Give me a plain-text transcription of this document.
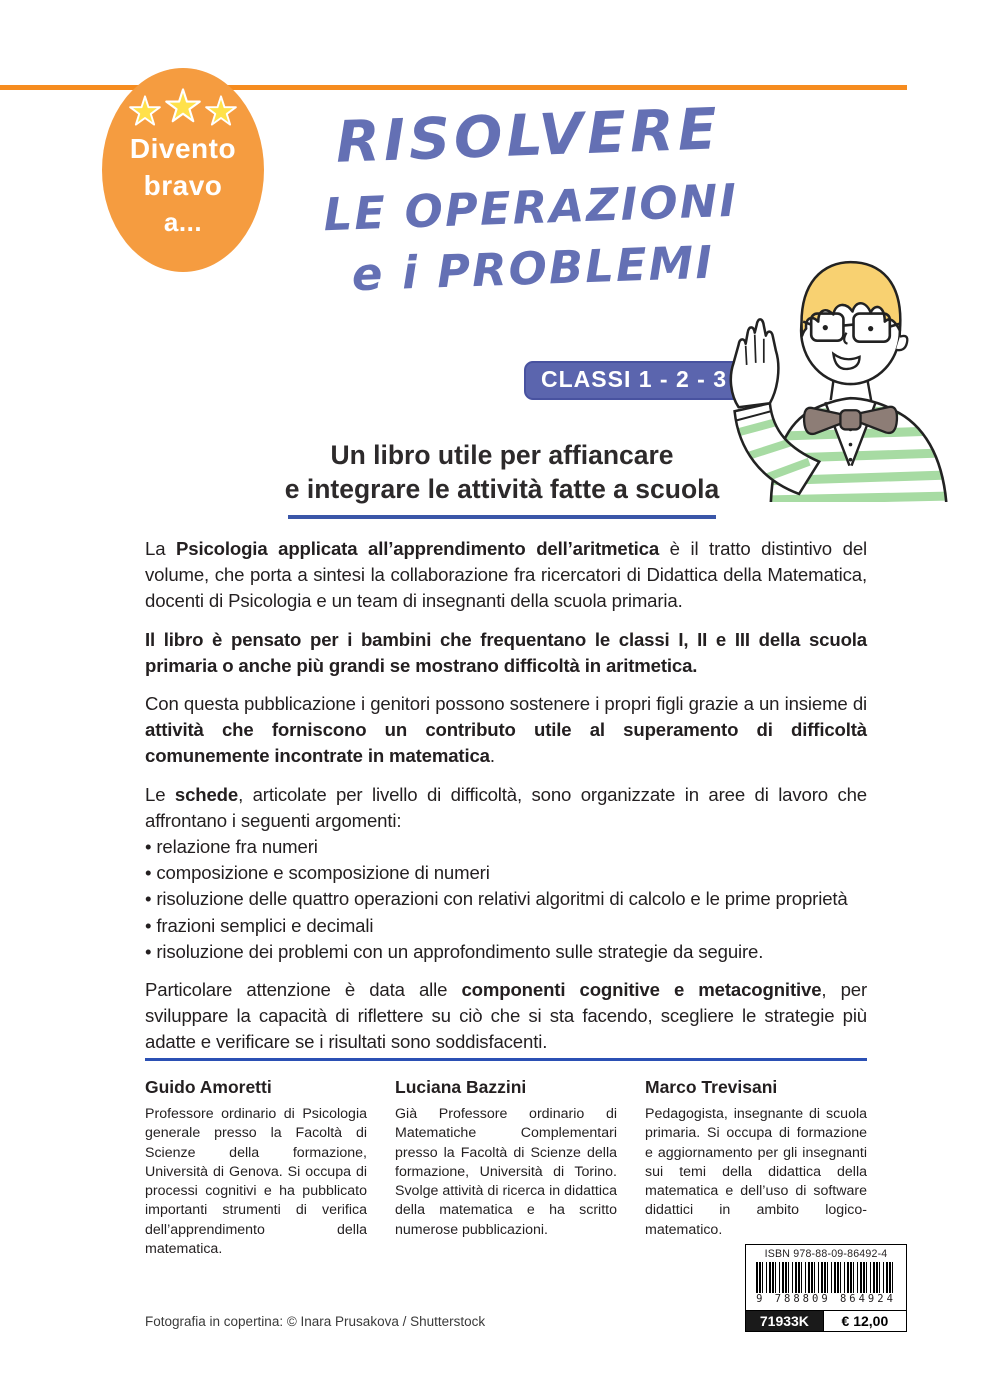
Divento
bravo
a...
RISOLVERE
LE OPERAZIONI
e i PROBLEMI
CLASSI 1 - 2 - 3
Un libro utile per affiancare
e integrare le attività fatte a scuola

La Psicologia applicata all’apprendimento dell’aritmetica è il tratto distintivo del volume, che porta a sintesi la collaborazione fra ricercatori di Didattica della Matematica, docenti di Psicologia e un team di insegnanti della scuola primaria.

Il libro è pensato per i bambini che frequentano le classi I, II e III della scuola primaria o anche più grandi se mostrano difficoltà in aritmetica.

Con questa pubblicazione i genitori possono sostenere i propri figli grazie a un insieme di attività che forniscono un contributo utile al superamento di difficoltà comunemente incontrate in matematica.

Le schede, articolate per livello di difficoltà, sono organizzate in aree di lavoro che affrontano i seguenti argomenti:

• relazione fra numeri
• composizione e scomposizione di numeri
• risoluzione delle quattro operazioni con relativi algoritmi di calcolo e le prime proprietà
• frazioni semplici e decimali
• risoluzione dei problemi con un approfondimento sulle strategie da seguire.

Particolare attenzione è data alle componenti cognitive e metacognitive, per sviluppare la capacità di riflettere su ciò che si sta facendo, scegliere le strategie più adatte e verificare se i risultati sono soddisfacenti.

Guido Amoretti

Professore ordinario di Psicologia generale presso la Facoltà di Scienze della formazione, Università di Genova. Si occupa di processi cognitivi e ha pubblicato importanti strumenti di verifica dell’apprendimento della matematica.

Luciana Bazzini

Già Professore ordinario di Matematiche Complementari presso la Facoltà di Scienze della formazione, Università di Torino. Svolge attività di ricerca in didattica della matematica e ha scritto numerose pubblicazioni.

Marco Trevisani

Pedagogista, insegnante di scuola primaria. Si occupa di formazione e aggiornamento per gli insegnanti sui temi della didattica della matematica e dell’uso di software didattici in ambito logico-matematico.

ISBN 978-88-09-86492-4
9 788809 864924
71933K	€ 12,00
Fotografia in copertina: © Inara Prusakova / Shutterstock
